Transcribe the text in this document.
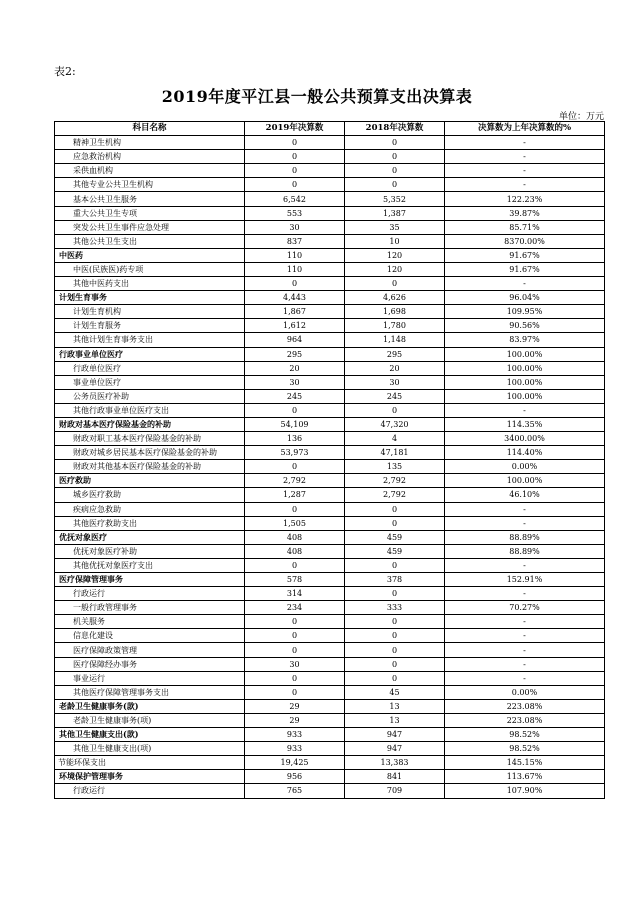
表2:
2019年度平江县一般公共预算支出决算表
单位：万元
科目名称	2019年决算数	2018年决算数	决算数为上年决算数的%
精神卫生机构	0	0	-
应急救治机构	0	0	-
采供血机构	0	0	-
其他专业公共卫生机构	0	0	-
基本公共卫生服务	6,542	5,352	122.23%
重大公共卫生专项	553	1,387	39.87%
突发公共卫生事件应急处理	30	35	85.71%
其他公共卫生支出	837	10	8370.00%
中医药	110	120	91.67%
中医(民族医)药专项	110	120	91.67%
其他中医药支出	0	0	-
计划生育事务	4,443	4,626	96.04%
计划生育机构	1,867	1,698	109.95%
计划生育服务	1,612	1,780	90.56%
其他计划生育事务支出	964	1,148	83.97%
行政事业单位医疗	295	295	100.00%
行政单位医疗	20	20	100.00%
事业单位医疗	30	30	100.00%
公务员医疗补助	245	245	100.00%
其他行政事业单位医疗支出	0	0	-
财政对基本医疗保险基金的补助	54,109	47,320	114.35%
财政对职工基本医疗保险基金的补助	136	4	3400.00%
财政对城乡居民基本医疗保险基金的补助	53,973	47,181	114.40%
财政对其他基本医疗保险基金的补助	0	135	0.00%
医疗救助	2,792	2,792	100.00%
城乡医疗救助	1,287	2,792	46.10%
疾病应急救助	0	0	-
其他医疗救助支出	1,505	0	-
优抚对象医疗	408	459	88.89%
优抚对象医疗补助	408	459	88.89%
其他优抚对象医疗支出	0	0	-
医疗保障管理事务	578	378	152.91%
行政运行	314	0	-
一般行政管理事务	234	333	70.27%
机关服务	0	0	-
信息化建设	0	0	-
医疗保障政策管理	0	0	-
医疗保障经办事务	30	0	-
事业运行	0	0	-
其他医疗保障管理事务支出	0	45	0.00%
老龄卫生健康事务(款)	29	13	223.08%
老龄卫生健康事务(项)	29	13	223.08%
其他卫生健康支出(款)	933	947	98.52%
其他卫生健康支出(项)	933	947	98.52%
节能环保支出	19,425	13,383	145.15%
环境保护管理事务	956	841	113.67%
行政运行	765	709	107.90%
